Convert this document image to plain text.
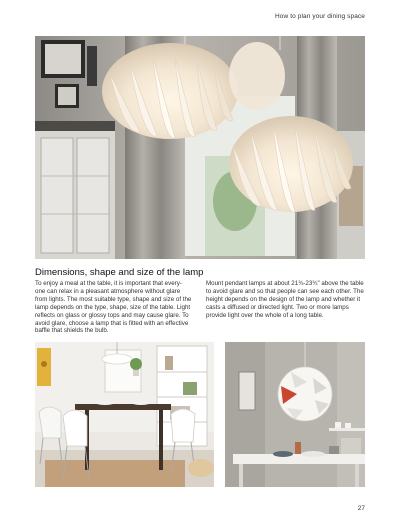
How to plan your dining space
Dimensions, shape and size of the lamp

To enjoy a meal at the table, it is important that every- one can relax in a pleasant atmosphere without glare from lights. The most suitable type, shape and size of the lamp depends on the type, shape, size of the table. Light reflects on glass or glossy tops and may cause glare. To avoid glare, choose a lamp that is fitted with an effective baffle that shields the bulb.

Mount pendant lamps at about 21¾-23¾" above the table to avoid glare and so that people can see each other. The height depends on the design of the lamp and whether it casts a diffused or directed light. Two or more lamps provide light over the whole of a long table.

27
